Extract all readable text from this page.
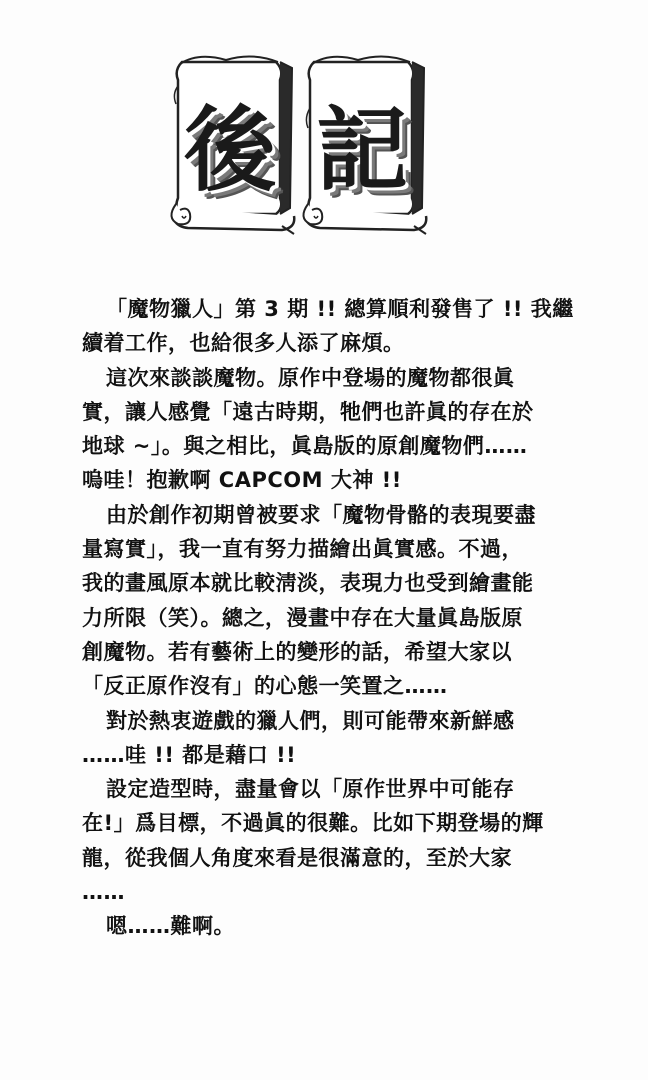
後 記
「魔物獵人」第 3 期 !! 總算順利發售了 !! 我繼
續着工作，也給很多人添了麻煩。
這次來談談魔物。原作中登場的魔物都很眞
實，讓人感覺「遠古時期，牠們也許眞的存在於
地球 ~」。與之相比，眞島版的原創魔物們……
嗚哇！抱歉啊 CAPCOM 大神 !!
由於創作初期曾被要求「魔物骨骼的表現要盡
量寫實」，我一直有努力描繪出眞實感。不過，
我的畫風原本就比較淸淡，表現力也受到繪畫能
力所限（笑）。總之，漫畫中存在大量眞島版原
創魔物。若有藝術上的變形的話，希望大家以
「反正原作沒有」的心態一笑置之……
對於熱衷遊戲的獵人們，則可能帶來新鮮感
……哇 !! 都是藉口 !!
設定造型時，盡量會以「原作世界中可能存
在!」爲目標，不過眞的很難。比如下期登場的輝
龍，從我個人角度來看是很滿意的，至於大家
……
嗯……難啊。
